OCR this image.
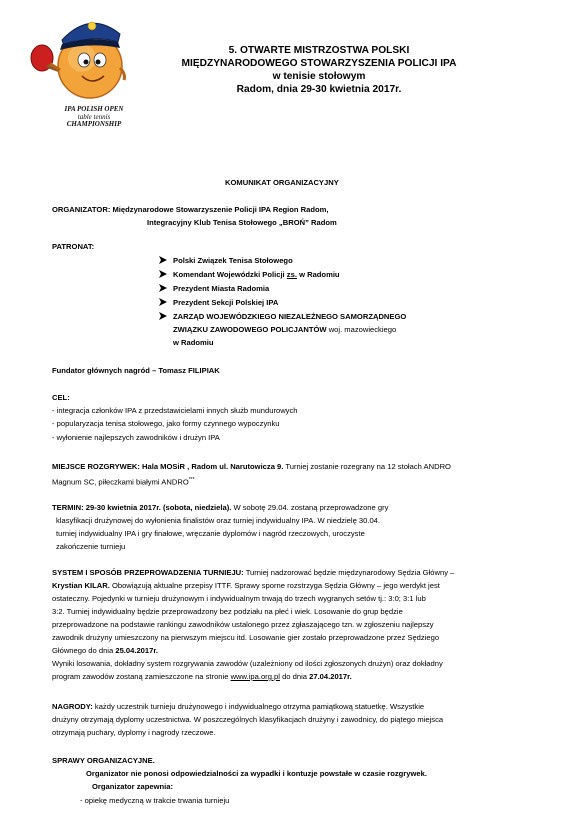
IPA POLISH OPEN
table tennis
CHAMPIONSHIP
5. OTWARTE MISTRZOSTWA POLSKI
MIĘDZYNARODOWEGO STOWARZYSZENIA POLICJI IPA
w tenisie stołowym
Radom, dnia 29-30 kwietnia 2017r.
KOMUNIKAT ORGANIZACYJNY
ORGANIZATOR: Międzynarodowe Stowarzyszenie Policji IPA Region Radom,
Integracyjny Klub Tenisa Stołowego „BROŃ” Radom
PATRONAT:
Polski Związek Tenisa Stołowego
Komendant Wojewódzki Policji zs. w Radomiu
Prezydent Miasta Radomia
Prezydent Sekcji Polskiej IPA
ZARZĄD WOJEWÓDZKIEGO NIEZALEŻNEGO SAMORZĄDNEGO
ZWIĄZKU ZAWODOWEGO POLICJANTÓW woj. mazowieckiego
w Radomiu
Fundator głównych nagród – Tomasz FILIPIAK
CEL:
- integracja członków IPA z przedstawicielami innych służb mundurowych
- popularyzacja tenisa stołowego, jako formy czynnego wypoczynku
- wyłonienie najlepszych zawodników i drużyn IPA
MIEJSCE ROZGRYWEK: Hala MOSiR , Radom ul. Narutowicza 9. Turniej zostanie rozegrany na 12 stołach ANDRO
Magnum SC, piłeczkami białymi ANDRO***
TERMIN: 29-30 kwietnia 2017r. (sobota, niedziela). W sobotę 29.04. zostaną przeprowadzone gry
klasyfikacji drużynowej do wyłonienia finalistów oraz turniej indywidualny IPA. W niedzielę 30.04.
turniej indywidualny IPA i gry finałowe, wręczanie dyplomów i nagród rzeczowych, uroczyste
zakończenie turnieju
SYSTEM I SPOSÓB PRZEPROWADZENIA TURNIEJU: Turniej nadzorować będzie międzynarodowy Sędzia Główny –
Krystian KILAR. Obowiązują aktualne przepisy ITTF. Sprawy sporne rozstrzyga Sędzia Główny – jego werdykt jest
ostateczny. Pojedynki w turnieju drużynowym i indywidualnym trwają do trzech wygranych setów tj.: 3:0; 3:1 lub
3:2. Turniej indywidualny będzie przeprowadzony bez podziału na płeć i wiek. Losowanie do grup będzie
przeprowadzone na podstawie rankingu zawodników ustalonego przez zgłaszającego tzn. w zgłoszeniu najlepszy
zawodnik drużyny umieszczony na pierwszym miejscu itd. Losowanie gier zostało przeprowadzone przez Sędziego
Głównego do dnia 25.04.2017r.
Wyniki losowania, dokładny system rozgrywania zawodów (uzależniony od ilości zgłoszonych drużyn) oraz dokładny
program zawodów zostaną zamieszczone na stronie www.ipa.org.pl do dnia 27.04.2017r.
NAGRODY: każdy uczestnik turnieju drużynowego i indywidualnego otrzyma pamiątkową statuetkę. Wszystkie
drużyny otrzymają dyplomy uczestnictwa. W poszczególnych klasyfikacjach drużyny i zawodnicy, do piątego miejsca
otrzymają puchary, dyplomy i nagrody rzeczowe.
SPRAWY ORGANIZACYJNE.
Organizator nie ponosi odpowiedzialności za wypadki i kontuzje powstałe w czasie rozgrywek.
Organizator zapewnia:
- opiekę medyczną w trakcie trwania turnieju
